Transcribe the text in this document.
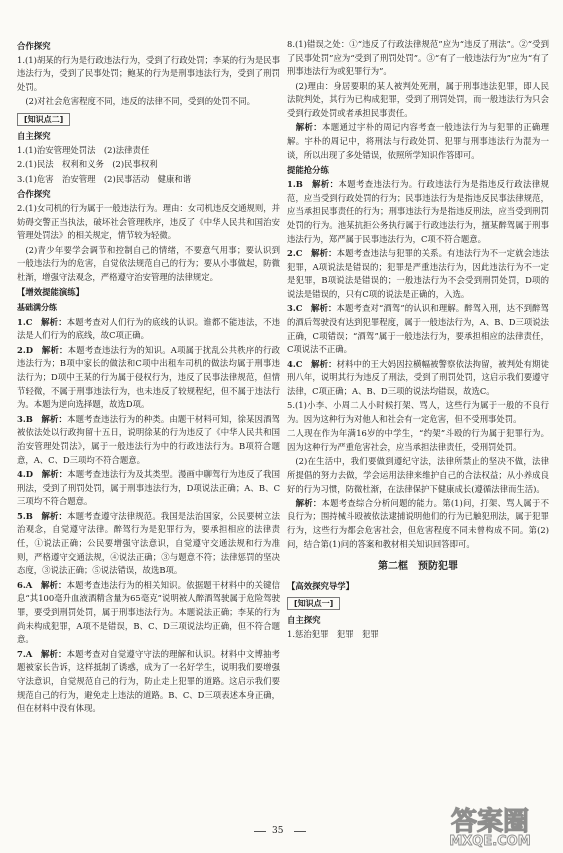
合作探究
1.(1)胡某的行为是行政违法行为，受到了行政处罚；李某的行为是民事违法行为，受到了民事处罚；鲍某的行为是刑事违法行为，受到了刑罚处罚。
(2)对社会危害程度不同，违反的法律不同，受到的处罚不同。
[知识点二]
自主探究
1.(1)治安管理处罚法　(2)法律责任
2.(1)民法　权利和义务　(2)民事权利
3.(1)危害　治安管理　(2)民事活动　健康和谐
合作探究
2.(1)女司机的行为属于一般违法行为。理由：女司机违反交通规则，并妨碍交警正当执法，破坏社会管理秩序，违反了《中华人民共和国治安管理处罚法》的相关规定，情节较为轻微。
(2)青少年要学会调节和控制自己的情绪，不要意气用事；要认识到一般违法行为的危害，自觉依法规范自己的行为；要从小事做起，防微杜渐，增强守法观念，严格遵守治安管理的法律规定。
【增效提能演练】
基础满分练
1.C　 解析：本题考查对人们行为的底线的认识。谁都不能违法，不违法是人们行为的底线，故C项正确。
2.D　 解析：本题考查违法行为的知识。A项属于扰乱公共秩序的行政违法行为；B项中家长的做法和C项中出租车司机的做法均属于刑事违法行为；D项中王某的行为属于侵权行为，违反了民事法律规范，但情节轻微，不属于刑事违法行为，也未违反了较规程纪，但不属于违法行为。本题为逆向选择题，故选D项。
3.B　 解析：本题考查违法行为的种类。由题干材料可知，徐某因酒驾被依法处以行政拘留十五日，说明徐某的行为违反了《中华人民共和国治安管理处罚法》，属于一般违法行为中的行政违法行为。B项符合题意，A、C、D三项均不符合题意。
4.D　 解析：本题考查违法行为及其类型。漫画中聊驾行为违反了我国刑法，受到了刑罚处罚，属于刑事违法行为，D项说法正确；A、B、C三项均不符合题意。
5.B　 解析：本题考查遵守法律规范。我国是法治国家，公民要树立法治观念，自觉遵守法律。醉驾行为是犯罪行为，要承担相应的法律责任，①说法正确；公民要增强守法意识，自觉遵守交通法规和行为准则，严格遵守交通法规，④说法正确；③与题意不符；法律惩罚的坚决态度，③说法正确；⑤说法错误，故选B项。
6.A　 解析：本题考查违法行为的相关知识。依据题干材料中的关键信息“其100毫升血液酒精含量为65毫克”说明被人醉酒驾驶属于危险驾驶罪，要受到刑罚处罚，属于刑事违法行为。本题说法正确；李某的行为尚未构成犯罪，A项不是错误，B、C、D三项说法均正确，但不符合题意。
7.A　 解析：本题考查对自觉遵守守法的理解和认识。材料中文博抽考题被家长告诉，这样抵制了诱惑，成为了一名好学生，说明我们要增强守法意识，自觉规范自己的行为，防止走上犯罪的道路。这启示我们要规范自己的行为，避免走上违法的道路。B、C、D三项表述本身正确，但在材料中没有体现。
8.(1)错误之处：①“违反了行政法律规范”应为“违反了刑法”。②“受到了民事处罚”应为“受到了刑罚处罚”。③“有了一般违法行为”应为“有了刑事违法行为或犯罪行为”。
(2)理由：身居要职的某人被判处死刑，属于刑事违法犯罪，即人民法院判处，其行为已构成犯罪，受到了刑罚处罚，而一般违法行为只会受到行政处罚或者承担民事责任。
　解析：本题通过宇朴的周记内容考查一般违法行为与犯罪的正确理解。宇朴的周记中，将刑法与行政处罚、犯罪与刑事违法行为混为一谈，所以出现了多处错误，依照所学知识作答即可。
提能抢分练
1.B　 解析：本题考查违法行为。行政违法行为是指违反行政法律规范，应当受到行政处罚的行为；民事违法行为是指违反民事法律规范，应当承担民事责任的行为；刑事违法行为是指违反刑法，应当受到刑罚处罚的行为。池某抗拒公务执行属于行政违法行为，擅某醉驾属于刑事违法行为，郑严属于民事违法行为，C项不符合题意。
2.C　 解析：本题考查违法与犯罪的关系。有违法行为不一定就会违法犯罪，A项说法是错误的；犯罪是严重违法行为，因此违法行为不一定是犯罪，B项说法是错误的；一般违法行为不会受到刑罚处罚，D项的说法是错误的，只有C项的说法是正确的，入选。
3.C　 解析：本题考查对“酒驾”的认识和理解。醉驾入刑，达不到醉驾的酒后驾驶没有达到犯罪程度，属于一般违法行为，A、B、D三项说法正确，C项错误；“酒驾”属于一般违法行为，要承担相应的法律责任，C项说法不正确。
4.C　 解析：材料中的王大妈因拉横幅被警察依法拘留，被判处有期徒刑八年，说明其行为违反了刑法，受到了刑罚处罚，这启示我们要遵守法律，C项正确；A、B、D三项的说法均错误，故选C。
5.(1)小李、小周二人小时候打架、骂人，这些行为属于一般的不良行为。因为这种行为对他人和社会有一定危害，但不受刑事处罚。
二人现在作为年满16岁的中学生，“约架”斗殴的行为属于犯罪行为。因为这种行为严重危害社会，应当承担法律责任，受刑罚处罚。
(2)在生活中，我们要做到遵纪守法，法律所禁止的坚决不做，法律所提倡的努力去做，学会运用法律来维护自己的合法权益；从小养成良好的行为习惯，防微杜渐，在法律保护下健康成长(遵循法律而生活)。
　解析：本题考查综合分析问题的能力。第(1)问，打架、骂人属于不良行为；围持械斗殴被依法逮捕说明他们的行为已触犯刑法，属于犯罪行为，这些行为都会危害社会，但危害程度不同未曾构成不同。第(2)问，结合第(1)问的答案和教材相关知识回答即可。
第二框　预防犯罪
【高效探究导学】
[知识点一]
自主探究
1.惩治犯罪　犯罪　犯罪
35	答案圈
MXQE.COM
